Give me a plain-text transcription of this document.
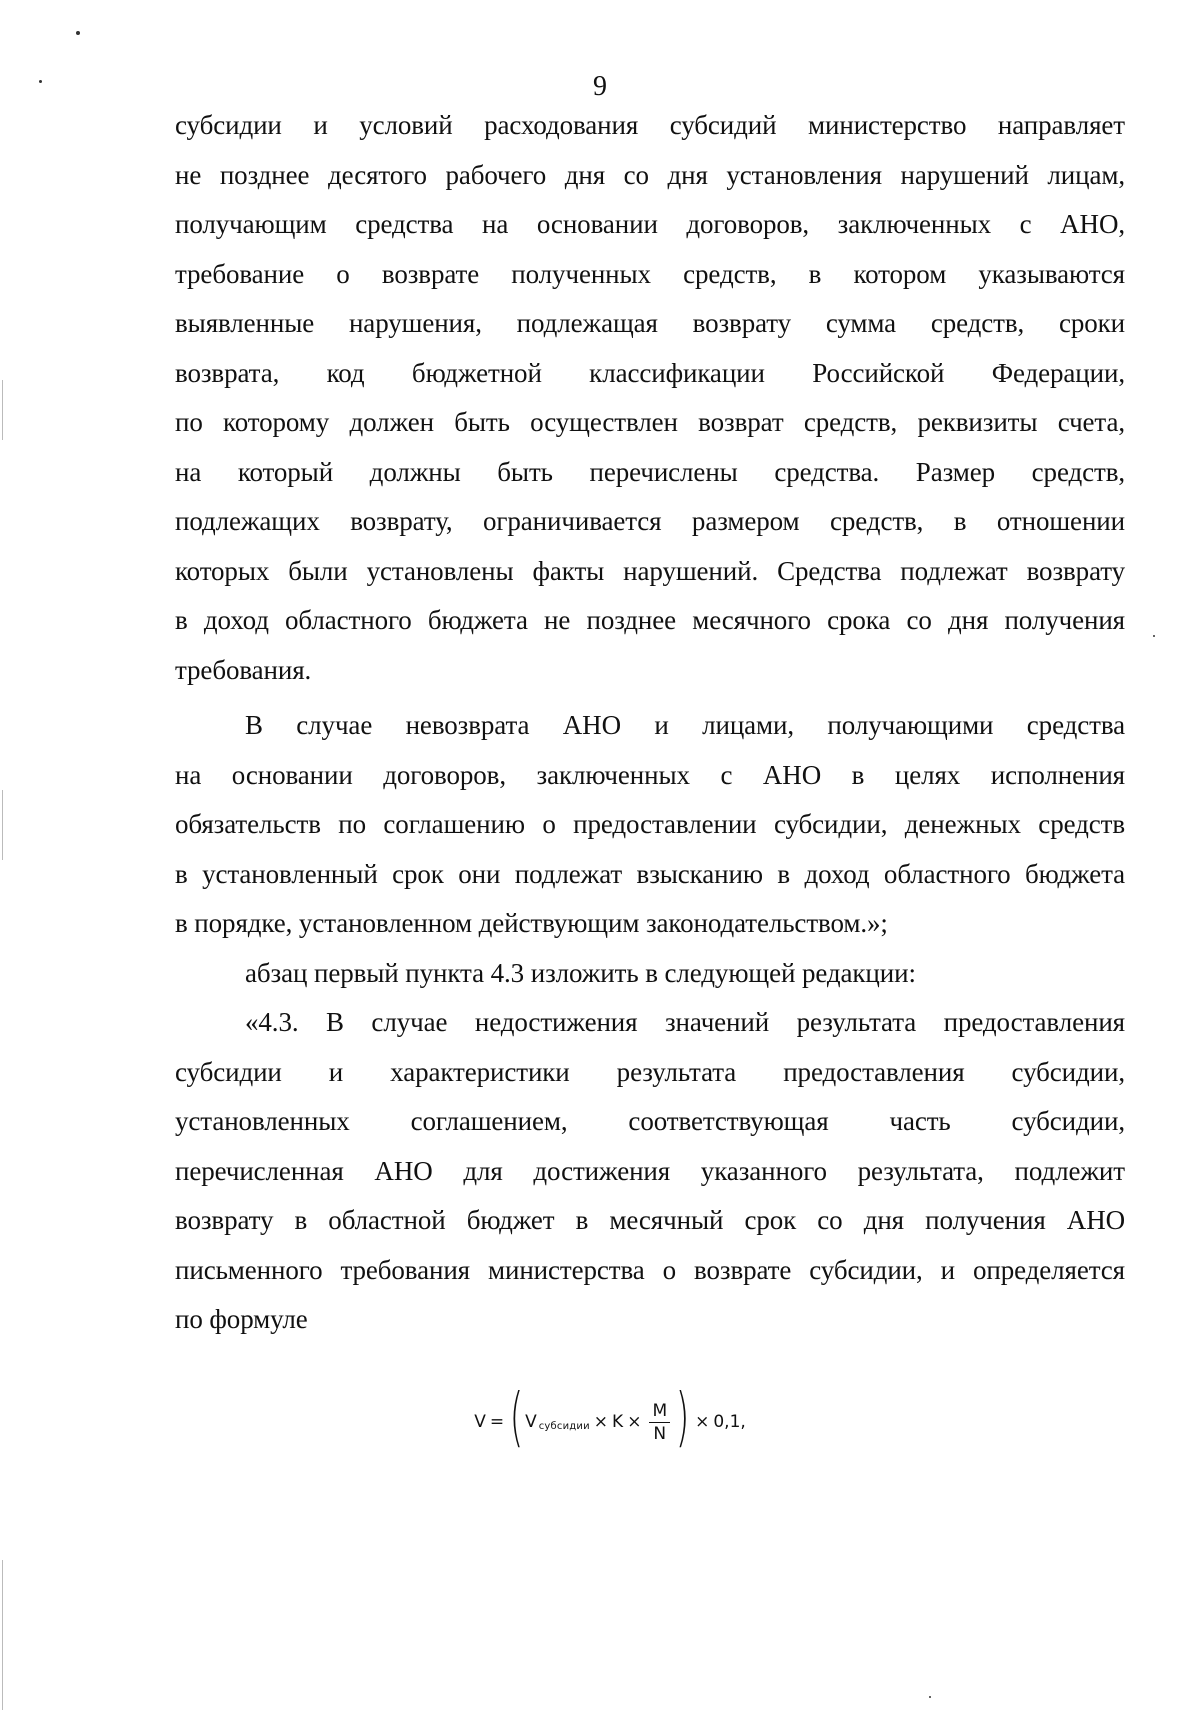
9
субсидии и условий расходования субсидий министерство направляет
не позднее десятого рабочего дня со дня установления нарушений лицам,
получающим средства на основании договоров, заключенных с АНО,
требование о возврате полученных средств, в котором указываются
выявленные нарушения, подлежащая возврату сумма средств, сроки
возврата, код бюджетной классификации Российской Федерации,
по которому должен быть осуществлен возврат средств, реквизиты счета,
на который должны быть перечислены средства. Размер средств,
подлежащих возврату, ограничивается размером средств, в отношении
которых были установлены факты нарушений. Средства подлежат возврату
в доход областного бюджета не позднее месячного срока со дня получения
требования.
В случае невозврата АНО и лицами, получающими средства
на основании договоров, заключенных с АНО в целях исполнения
обязательств по соглашению о предоставлении субсидии, денежных средств
в установленный срок они подлежат взысканию в доход областного бюджета
в порядке, установленном действующим законодательством.»;
абзац первый пункта 4.3 изложить в следующей редакции:
«4.3. В случае недостижения значений результата предоставления
субсидии и характеристики результата предоставления субсидии,
установленных соглашением, соответствующая часть субсидии,
перечисленная АНО для достижения указанного результата, подлежит
возврату в областной бюджет в месячный срок со дня получения АНО
письменного требования министерства о возврате субсидии, и определяется
по формуле
V = ( V субсидии × $K \times \frac{M}{N}$ ) × 0,1 ,
